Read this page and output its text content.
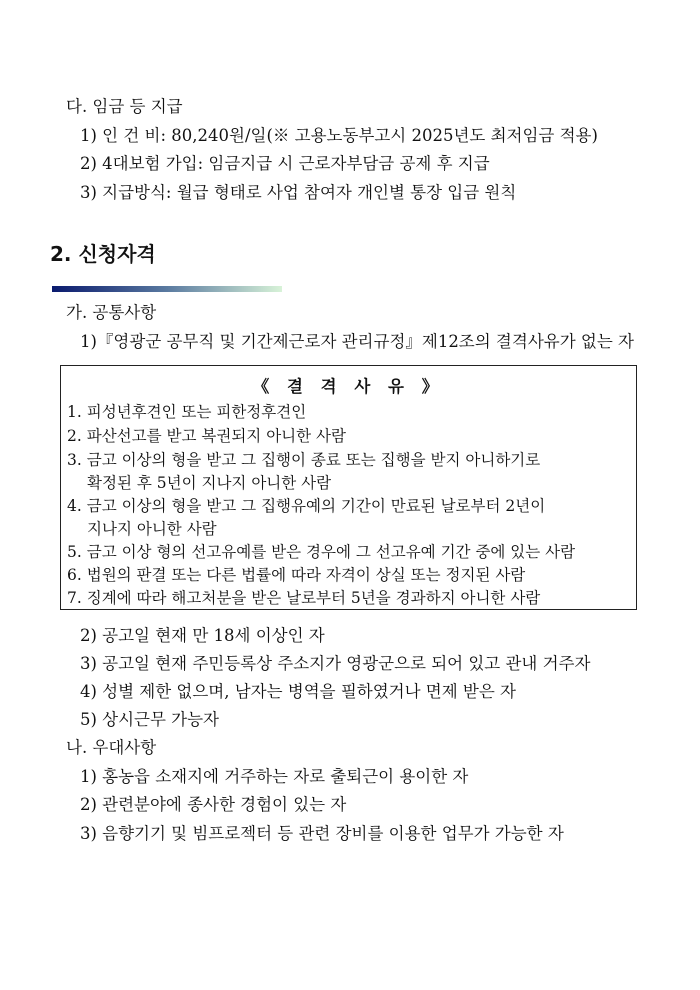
다. 임금 등 지급
1) 인 건 비: 80,240원/일(※ 고용노동부고시 2025년도 최저임금 적용)
2) 4대보험 가입: 임금지급 시 근로자부담금 공제 후 지급
3) 지급방식: 월급 형태로 사업 참여자 개인별 통장 입금 원칙
2. 신청자격
가. 공통사항
1)『영광군 공무직 및 기간제근로자 관리규정』제12조의 결격사유가 없는 자
《 결 격 사 유 》
1. 피성년후견인 또는 피한정후견인
2. 파산선고를 받고 복권되지 아니한 사람
3. 금고 이상의 형을 받고 그 집행이 종료 또는 집행을 받지 아니하기로
확정된 후 5년이 지나지 아니한 사람
4. 금고 이상의 형을 받고 그 집행유예의 기간이 만료된 날로부터 2년이
지나지 아니한 사람
5. 금고 이상 형의 선고유예를 받은 경우에 그 선고유예 기간 중에 있는 사람
6. 법원의 판결 또는 다른 법률에 따라 자격이 상실 또는 정지된 사람
7. 징계에 따라 해고처분을 받은 날로부터 5년을 경과하지 아니한 사람
2) 공고일 현재 만 18세 이상인 자
3) 공고일 현재 주민등록상 주소지가 영광군으로 되어 있고 관내 거주자
4) 성별 제한 없으며, 남자는 병역을 필하였거나 면제 받은 자
5) 상시근무 가능자
나. 우대사항
1) 홍농읍 소재지에 거주하는 자로 출퇴근이 용이한 자
2) 관련분야에 종사한 경험이 있는 자
3) 음향기기 및 빔프로젝터 등 관련 장비를 이용한 업무가 가능한 자
